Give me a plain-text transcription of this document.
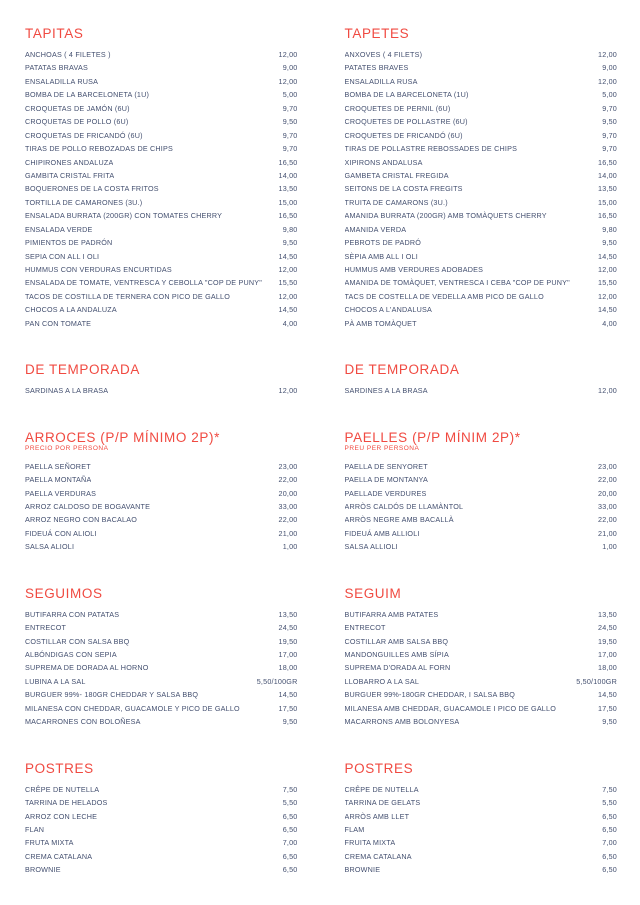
TAPITAS
ANCHOAS ( 4 FILETES )	12,00
PATATAS BRAVAS	9,00
ENSALADILLA RUSA	12,00
BOMBA DE LA BARCELONETA (1U)	5,00
CROQUETAS DE JAMÓN (6U)	9,70
CROQUETAS DE POLLO (6U)	9,50
CROQUETAS DE FRICANDÓ (6U)	9,70
TIRAS DE POLLO REBOZADAS DE CHIPS	9,70
CHIPIRONES ANDALUZA	16,50
GAMBITA CRISTAL FRITA	14,00
BOQUERONES DE LA COSTA FRITOS	13,50
TORTILLA DE CAMARONES (3U.)	15,00
ENSALADA BURRATA (200GR) CON TOMATES CHERRY	16,50
ENSALADA VERDE	9,80
PIMIENTOS DE PADRÓN	9,50
SEPIA CON ALL I OLI	14,50
HUMMUS CON VERDURAS ENCURTIDAS	12,00
ENSALADA DE TOMATE, VENTRESCA Y CEBOLLA "COP DE PUNY"	15,50
TACOS DE COSTILLA DE TERNERA CON PICO DE GALLO	12,00
CHOCOS A LA ANDALUZA	14,50
PAN CON TOMATE	4,00
DE TEMPORADA
SARDINAS A LA BRASA	12,00
ARROCES (P/P MÍNIMO 2P)*
PRECIO POR PERSONA
PAELLA SEÑORET	23,00
PAELLA MONTAÑA	22,00
PAELLA VERDURAS	20,00
ARROZ CALDOSO DE BOGAVANTE	33,00
ARROZ NEGRO CON BACALAO	22,00
FIDEUÁ CON ALIOLI	21,00
SALSA ALIOLI	1,00
SEGUIMOS
BUTIFARRA CON PATATAS	13,50
ENTRECOT	24,50
COSTILLAR CON SALSA BBQ	19,50
ALBÓNDIGAS CON SEPIA	17,00
SUPREMA DE DORADA AL HORNO	18,00
LUBINA A LA SAL	5,50/100GR
BURGUER 99%- 180GR CHEDDAR Y SALSA BBQ	14,50
MILANESA CON CHEDDAR, GUACAMOLE Y PICO DE GALLO	17,50
MACARRONES CON BOLOÑESA	9,50
POSTRES
CRÊPE DE NUTELLA	7,50
TARRINA DE HELADOS	5,50
ARROZ CON LECHE	6,50
FLAN	6,50
FRUTA MIXTA	7,00
CREMA CATALANA	6,50
BROWNIE	6,50
TAPETES
ANXOVES ( 4 FILETS)	12,00
PATATES BRAVES	9,00
ENSALADILLA RUSA	12,00
BOMBA DE LA BARCELONETA (1U)	5,00
CROQUETES DE PERNIL (6U)	9,70
CROQUETES DE POLLASTRE (6U)	9,50
CROQUETES DE FRICANDÓ (6U)	9,70
TIRAS DE POLLASTRE REBOSSADES DE CHIPS	9,70
XIPIRONS ANDALUSA	16,50
GAMBETA CRISTAL FREGIDA	14,00
SEITONS DE LA COSTA FREGITS	13,50
TRUITA DE CAMARONS (3U.)	15,00
AMANIDA BURRATA (200GR) AMB TOMÀQUETS CHERRY	16,50
AMANIDA VERDA	9,80
PEBROTS DE PADRÓ	9,50
SÈPIA AMB ALL I OLI	14,50
HUMMUS AMB VERDURES ADOBADES	12,00
AMANIDA DE TOMÀQUET, VENTRESCA I CEBA "COP DE PUNY"	15,50
TACS DE COSTELLA DE VEDELLA AMB PICO DE GALLO	12,00
CHOCOS A L'ANDALUSA	14,50
PÀ AMB TOMÀQUET	4,00
DE TEMPORADA
SARDINES A LA BRASA	12,00
PAELLES (P/P MÍNIM 2P)*
PREU PER PERSONA
PAELLA DE SENYORET	23,00
PAELLA DE MONTANYA	22,00
PAELLADE VERDURES	20,00
ARRÒS CALDÓS DE LLAMÀNTOL	33,00
ARRÒS NEGRE AMB BACALLÀ	22,00
FIDEUÁ AMB ALLIOLI	21,00
SALSA ALLIOLI	1,00
SEGUIM
BUTIFARRA AMB PATATES	13,50
ENTRECOT	24,50
COSTILLAR AMB SALSA BBQ	19,50
MANDONGUILLES AMB SÍPIA	17,00
SUPREMA D'ORADA AL FORN	18,00
LLOBARRO A LA SAL	5,50/100GR
BURGUER 99%-180GR CHEDDAR, I SALSA BBQ	14,50
MILANESA AMB CHEDDAR, GUACAMOLE I PICO DE GALLO	17,50
MACARRONS AMB BOLONYESA	9,50
POSTRES
CRÊPE DE NUTELLA	7,50
TARRINA DE GELATS	5,50
ARRÒS AMB LLET	6,50
FLAM	6,50
FRUITA MIXTA	7,00
CREMA CATALANA	6,50
BROWNIE	6,50
